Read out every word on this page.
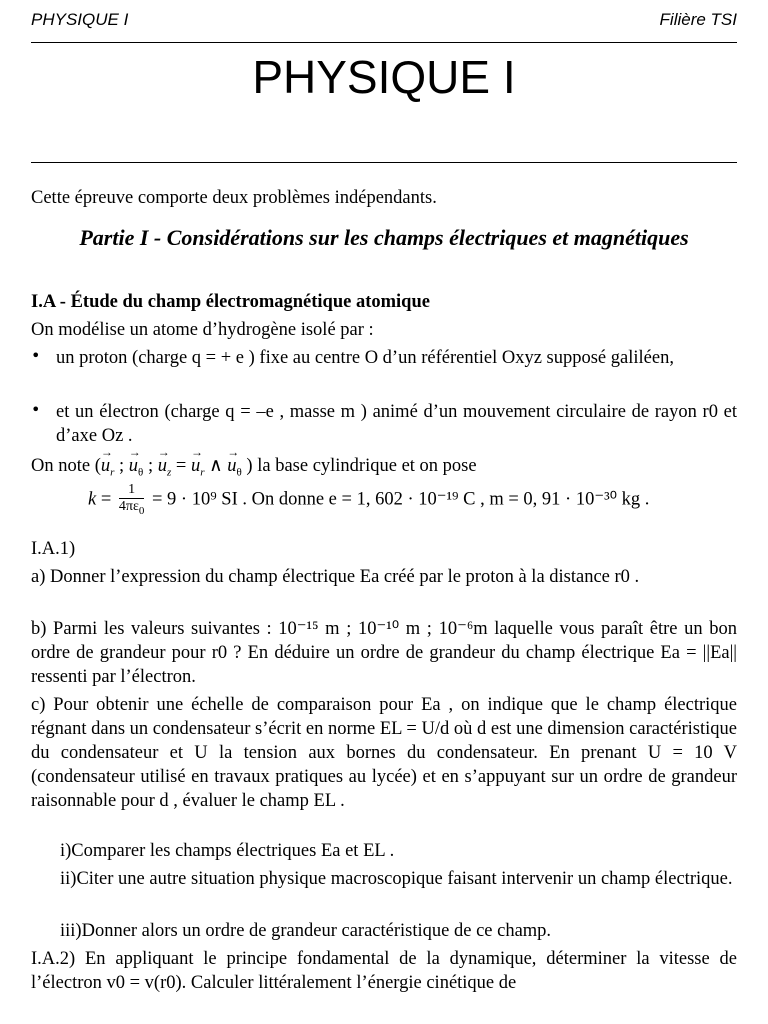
PHYSIQUE I	Filière TSI
PHYSIQUE I
Cette épreuve comporte deux problèmes indépendants.
Partie I - Considérations sur les champs électriques et magnétiques
I.A - Étude du champ électromagnétique atomique
On modélise un atome d’hydrogène isolé par :
• un proton (charge q = + e ) fixe au centre O d’un référentiel Oxyz supposé galiléen,
• et un électron (charge q = –e , masse m ) animé d’un mouvement circulaire de rayon r0 et d’axe Oz .
On note (→ $u_r$ ; → $u_\theta$ ; → $u_z$ = → $u_r$ ∧ → $u_\theta$ ) la base cylindrique et on pose
$k = \frac{1}{4\pi\varepsilon_0} = 9 \cdot 10^9$ SI . On donne e = 1, 602 · 10⁻¹⁹ C , m = 0, 91 · 10⁻³⁰ kg .
I.A.1)
a) Donner l’expression du champ électrique Ea créé par le proton à la distance r0 .
b) Parmi les valeurs suivantes : 10⁻¹⁵ m ; 10⁻¹⁰ m ; 10⁻⁶m laquelle vous paraît être un bon ordre de grandeur pour r0 ? En déduire un ordre de grandeur du champ électrique Ea = ||Ea|| ressenti par l’électron.
c) Pour obtenir une échelle de comparaison pour Ea , on indique que le champ électrique régnant dans un condensateur s’écrit en norme EL = U/d où d est une dimension caractéristique du condensateur et U la tension aux bornes du condensateur. En prenant U = 10 V (condensateur utilisé en travaux pratiques au lycée) et en s’appuyant sur un ordre de grandeur raisonnable pour d , évaluer le champ EL .
i)Comparer les champs électriques Ea et EL .
ii)Citer une autre situation physique macroscopique faisant intervenir un champ électrique.
iii)Donner alors un ordre de grandeur caractéristique de ce champ.
I.A.2) En appliquant le principe fondamental de la dynamique, déterminer la vitesse de l’électron v0 = v(r0). Calculer littéralement l’énergie cinétique de
